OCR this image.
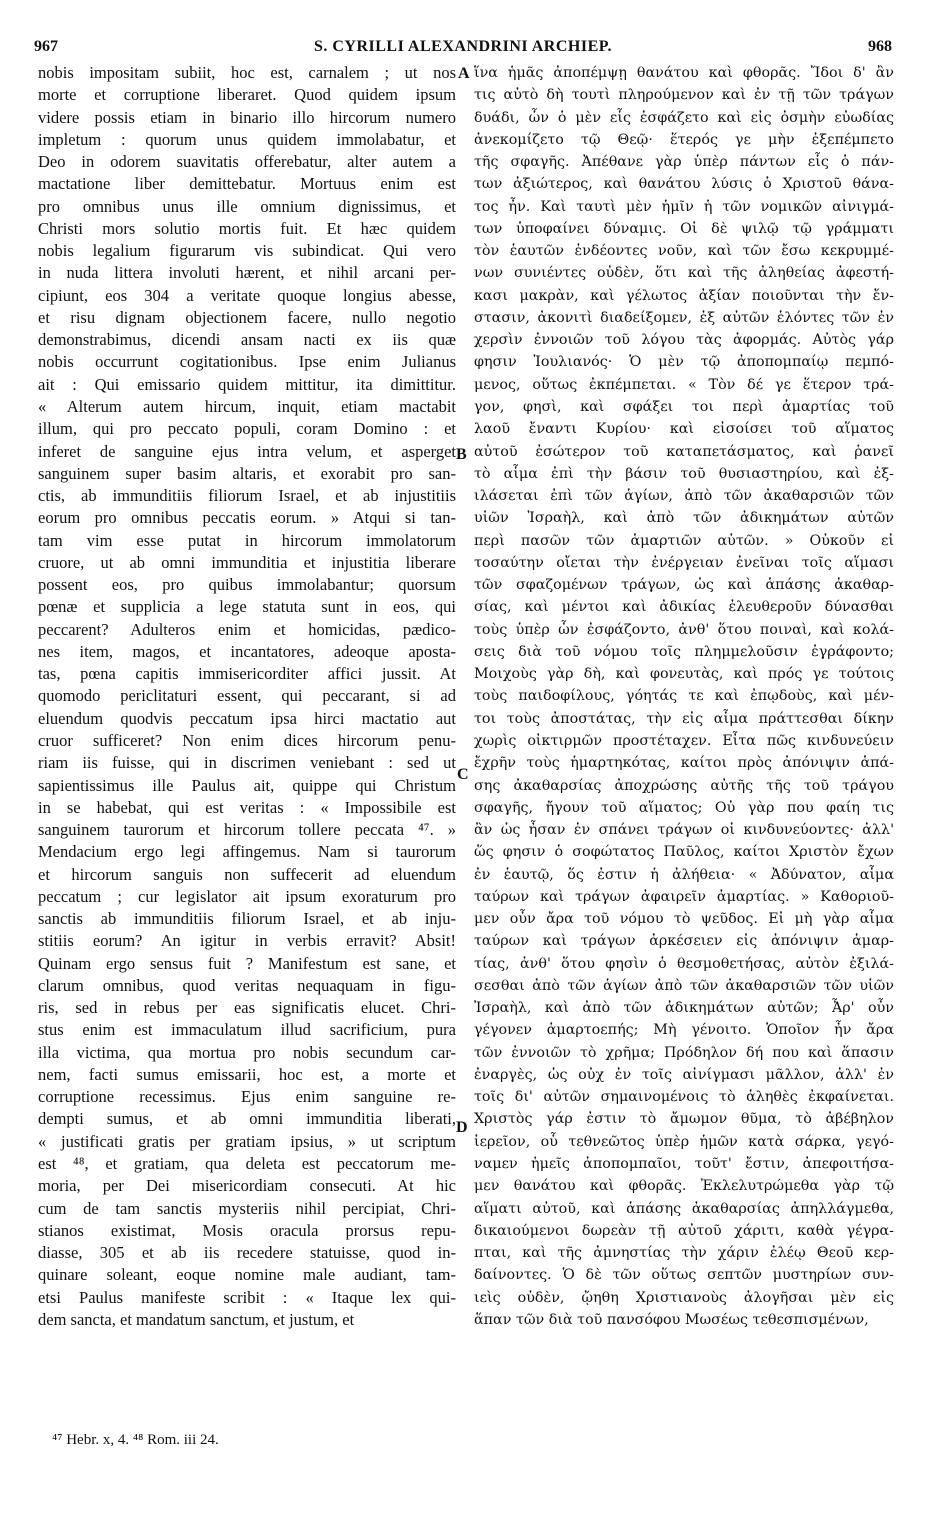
967	S. CYRILLI ALEXANDRINI ARCHIEP.	968
nobis impositam subiit, hoc est, carnalem ; ut nos
morte et corruptione liberaret. Quod quidem ipsum
videre possis etiam in binario illo hircorum numero
impletum : quorum unus quidem immolabatur, et
Deo in odorem suavitatis offerebatur, alter autem a
mactatione liber demittebatur. Mortuus enim est
pro omnibus unus ille omnium dignissimus, et
Christi mors solutio mortis fuit. Et hæc quidem
nobis legalium figurarum vis subindicat. Qui vero
in nuda littera involuti hærent, et nihil arcani per-
cipiunt, eos 304 a veritate quoque longius abesse,
et risu dignam objectionem facere, nullo negotio
demonstrabimus, dicendi ansam nacti ex iis quæ
nobis occurrunt cogitationibus. Ipse enim Julianus
ait : Qui emissario quidem mittitur, ita dimittitur.
« Alterum autem hircum, inquit, etiam mactabit
illum, qui pro peccato populi, coram Domino : et
inferet de sanguine ejus intra velum, et asperget
sanguinem super basim altaris, et exorabit pro san-
ctis, ab immunditiis filiorum Israel, et ab injustitiis
eorum pro omnibus peccatis eorum. » Atqui si tan-
tam vim esse putat in hircorum immolatorum
cruore, ut ab omni immunditia et injustitia liberare
possent eos, pro quibus immolabantur; quorsum
pœnæ et supplicia a lege statuta sunt in eos, qui
peccarent? Adulteros enim et homicidas, pædico-
nes item, magos, et incantatores, adeoque aposta-
tas, pœna capitis immisericorditer affici jussit. At
quomodo periclitaturi essent, qui peccarant, si ad
eluendum quodvis peccatum ipsa hirci mactatio aut
cruor sufficeret? Non enim dices hircorum penu-
riam iis fuisse, qui in discrimen veniebant : sed ut
sapientissimus ille Paulus ait, quippe qui Christum
in se habebat, qui est veritas : « Impossibile est
sanguinem taurorum et hircorum tollere peccata ⁴⁷. »
Mendacium ergo legi affingemus. Nam si taurorum
et hircorum sanguis non suffecerit ad eluendum
peccatum ; cur legislator ait ipsum exoraturum pro
sanctis ab immunditiis filiorum Israel, et ab inju-
stitiis eorum? An igitur in verbis erravit? Absit!
Quinam ergo sensus fuit ? Manifestum est sane, et
clarum omnibus, quod veritas nequaquam in figu-
ris, sed in rebus per eas significatis elucet. Chri-
stus enim est immaculatum illud sacrificium, pura
illa victima, qua mortua pro nobis secundum car-
nem, facti sumus emissarii, hoc est, a morte et
corruptione recessimus. Ejus enim sanguine re-
dempti sumus, et ab omni immunditia liberati,
« justificati gratis per gratiam ipsius, » ut scriptum
est ⁴⁸, et gratiam, qua deleta est peccatorum me-
moria, per Dei misericordiam consecuti. At hic
cum de tam sanctis mysteriis nihil percipiat, Chri-
stianos existimat, Mosis oracula prorsus repu-
diasse, 305 et ab iis recedere statuisse, quod in-
quinare soleant, eoque nomine male audiant, tam-
etsi Paulus manifeste scribit : « Itaque lex qui-
dem sancta, et mandatum sanctum, et justum, et
ἵνα ἡμᾶς ἀποπέμψῃ θανάτου καὶ φθορᾶς. Ἴδοι δ' ἂν
τις αὐτὸ δὴ τουτὶ πληρούμενον καὶ ἐν τῇ τῶν τράγων
δυάδι, ὧν ὁ μὲν εἷς ἐσφάζετο καὶ εἰς ὀσμὴν εὐωδίας
ἀνεκομίζετο τῷ Θεῷ· ἕτερός γε μὴν ἐξεπέμπετο
τῆς σφαγῆς. Ἀπέθανε γὰρ ὑπὲρ πάντων εἷς ὁ πάν-
των ἀξιώτερος, καὶ θανάτου λύσις ὁ Χριστοῦ θάνα-
τος ἦν. Καὶ ταυτὶ μὲν ἡμῖν ἡ τῶν νομικῶν αἰνιγμά-
των ὑποφαίνει δύναμις. Οἱ δὲ ψιλῷ τῷ γράμματι
τὸν ἑαυτῶν ἐνδέοντες νοῦν, καὶ τῶν ἔσω κεκρυμμέ-
νων συνιέντες οὐδὲν, ὅτι καὶ τῆς ἀληθείας ἀφεστή-
κασι μακρὰν, καὶ γέλωτος ἀξίαν ποιοῦνται τὴν ἔν-
στασιν, ἀκονιτὶ διαδείξομεν, ἐξ αὐτῶν ἑλόντες τῶν ἐν
χερσὶν ἐννοιῶν τοῦ λόγου τὰς ἀφορμάς. Αὐτὸς γάρ
φησιν Ἰουλιανός· Ὁ μὲν τῷ ἀποπομπαίῳ πεμπό-
μενος, οὕτως ἐκπέμπεται. « Τὸν δέ γε ἕτερον τρά-
γον, φησὶ, καὶ σφάξει τοι περὶ ἁμαρτίας τοῦ
λαοῦ ἔναντι Κυρίου· καὶ εἰσοίσει τοῦ αἵματος
αὐτοῦ ἐσώτερον τοῦ καταπετάσματος, καὶ ῥανεῖ
τὸ αἷμα ἐπὶ τὴν βάσιν τοῦ θυσιαστηρίου, καὶ ἐξ-
ιλάσεται ἐπὶ τῶν ἁγίων, ἀπὸ τῶν ἀκαθαρσιῶν τῶν
υἱῶν Ἰσραὴλ, καὶ ἀπὸ τῶν ἀδικημάτων αὐτῶν
περὶ πασῶν τῶν ἁμαρτιῶν αὐτῶν. » Οὐκοῦν εἰ
τοσαύτην οἴεται τὴν ἐνέργειαν ἐνεῖναι τοῖς αἵμασι
τῶν σφαζομένων τράγων, ὡς καὶ ἁπάσης ἀκαθαρ-
σίας, καὶ μέντοι καὶ ἀδικίας ἐλευθεροῦν δύνασθαι
τοὺς ὑπὲρ ὧν ἐσφάζοντο, ἀνθ' ὅτου ποιναὶ, καὶ κολά-
σεις διὰ τοῦ νόμου τοῖς πλημμελοῦσιν ἐγράφοντο;
Μοιχοὺς γὰρ δὴ, καὶ φονευτὰς, καὶ πρός γε τούτοις
τοὺς παιδοφίλους, γόητάς τε καὶ ἐπῳδοὺς, καὶ μέν-
τοι τοὺς ἀποστάτας, τὴν εἰς αἷμα πράττεσθαι δίκην
χωρὶς οἰκτιρμῶν προστέταχεν. Εἶτα πῶς κινδυνεύειν
ἔχρῆν τοὺς ἡμαρτηκότας, καίτοι πρὸς ἀπόνιψιν ἁπά-
σης ἀκαθαρσίας ἀποχρώσης αὐτῆς τῆς τοῦ τράγου
σφαγῆς, ἤγουν τοῦ αἵματος; Οὐ γὰρ που φαίη τις
ἂν ὡς ἦσαν ἐν σπάνει τράγων οἱ κινδυνεύοντες· ἀλλ'
ὥς φησιν ὁ σοφώτατος Παῦλος, καίτοι Χριστὸν ἔχων
ἐν ἑαυτῷ, ὅς ἐστιν ἡ ἀλήθεια· « Ἀδύνατον, αἷμα
ταύρων καὶ τράγων ἀφαιρεῖν ἁμαρτίας. » Καθοριοῦ-
μεν οὖν ἄρα τοῦ νόμου τὸ ψεῦδος. Εἰ μὴ γὰρ αἷμα
ταύρων καὶ τράγων ἀρκέσειεν εἰς ἀπόνιψιν ἁμαρ-
τίας, ἀνθ' ὅτου φησὶν ὁ θεσμοθετήσας, αὐτὸν ἐξιλά-
σεσθαι ἀπὸ τῶν ἁγίων ἀπὸ τῶν ἀκαθαρσιῶν τῶν υἱῶν
Ἰσραὴλ, καὶ ἀπὸ τῶν ἀδικημάτων αὐτῶν; Ἆρ' οὖν
γέγονεν ἁμαρτοεπής; Μὴ γένοιτο. Ὁποῖον ἦν ἄρα
τῶν ἐννοιῶν τὸ χρῆμα; Πρόδηλον δή που καὶ ἅπασιν
ἐναργὲς, ὡς οὐχ ἐν τοῖς αἰνίγμασι μᾶλλον, ἀλλ' ἐν
τοῖς δι' αὐτῶν σημαινομένοις τὸ ἀληθὲς ἐκφαίνεται.
Χριστὸς γάρ ἐστιν τὸ ἄμωμον θῦμα, τὸ ἀβέβηλον
ἱερεῖον, οὗ τεθνεῶτος ὑπὲρ ἡμῶν κατὰ σάρκα, γεγό-
ναμεν ἡμεῖς ἀποπομπαῖοι, τοῦτ' ἔστιν, ἀπεφοιτήσα-
μεν θανάτου καὶ φθορᾶς. Ἐκλελυτρώμεθα γὰρ τῷ
αἵματι αὐτοῦ, καὶ ἁπάσης ἀκαθαρσίας ἀπηλλάγμεθα,
δικαιούμενοι δωρεὰν τῇ αὐτοῦ χάριτι, καθὰ γέγρα-
πται, καὶ τῆς ἀμνηστίας τὴν χάριν ἐλέῳ Θεοῦ κερ-
δαίνοντες. Ὁ δὲ τῶν οὕτως σεπτῶν μυστηρίων συν-
ιεὶς οὐδὲν, ᾤηθη Χριστιανοὺς ἀλογῆσαι μὲν εἰς
ἅπαν τῶν διὰ τοῦ πανσόφου Μωσέως τεθεσπισμένων,
A
B
C
D
⁴⁷ Hebr. x, 4. ⁴⁸ Rom. iii 24.
